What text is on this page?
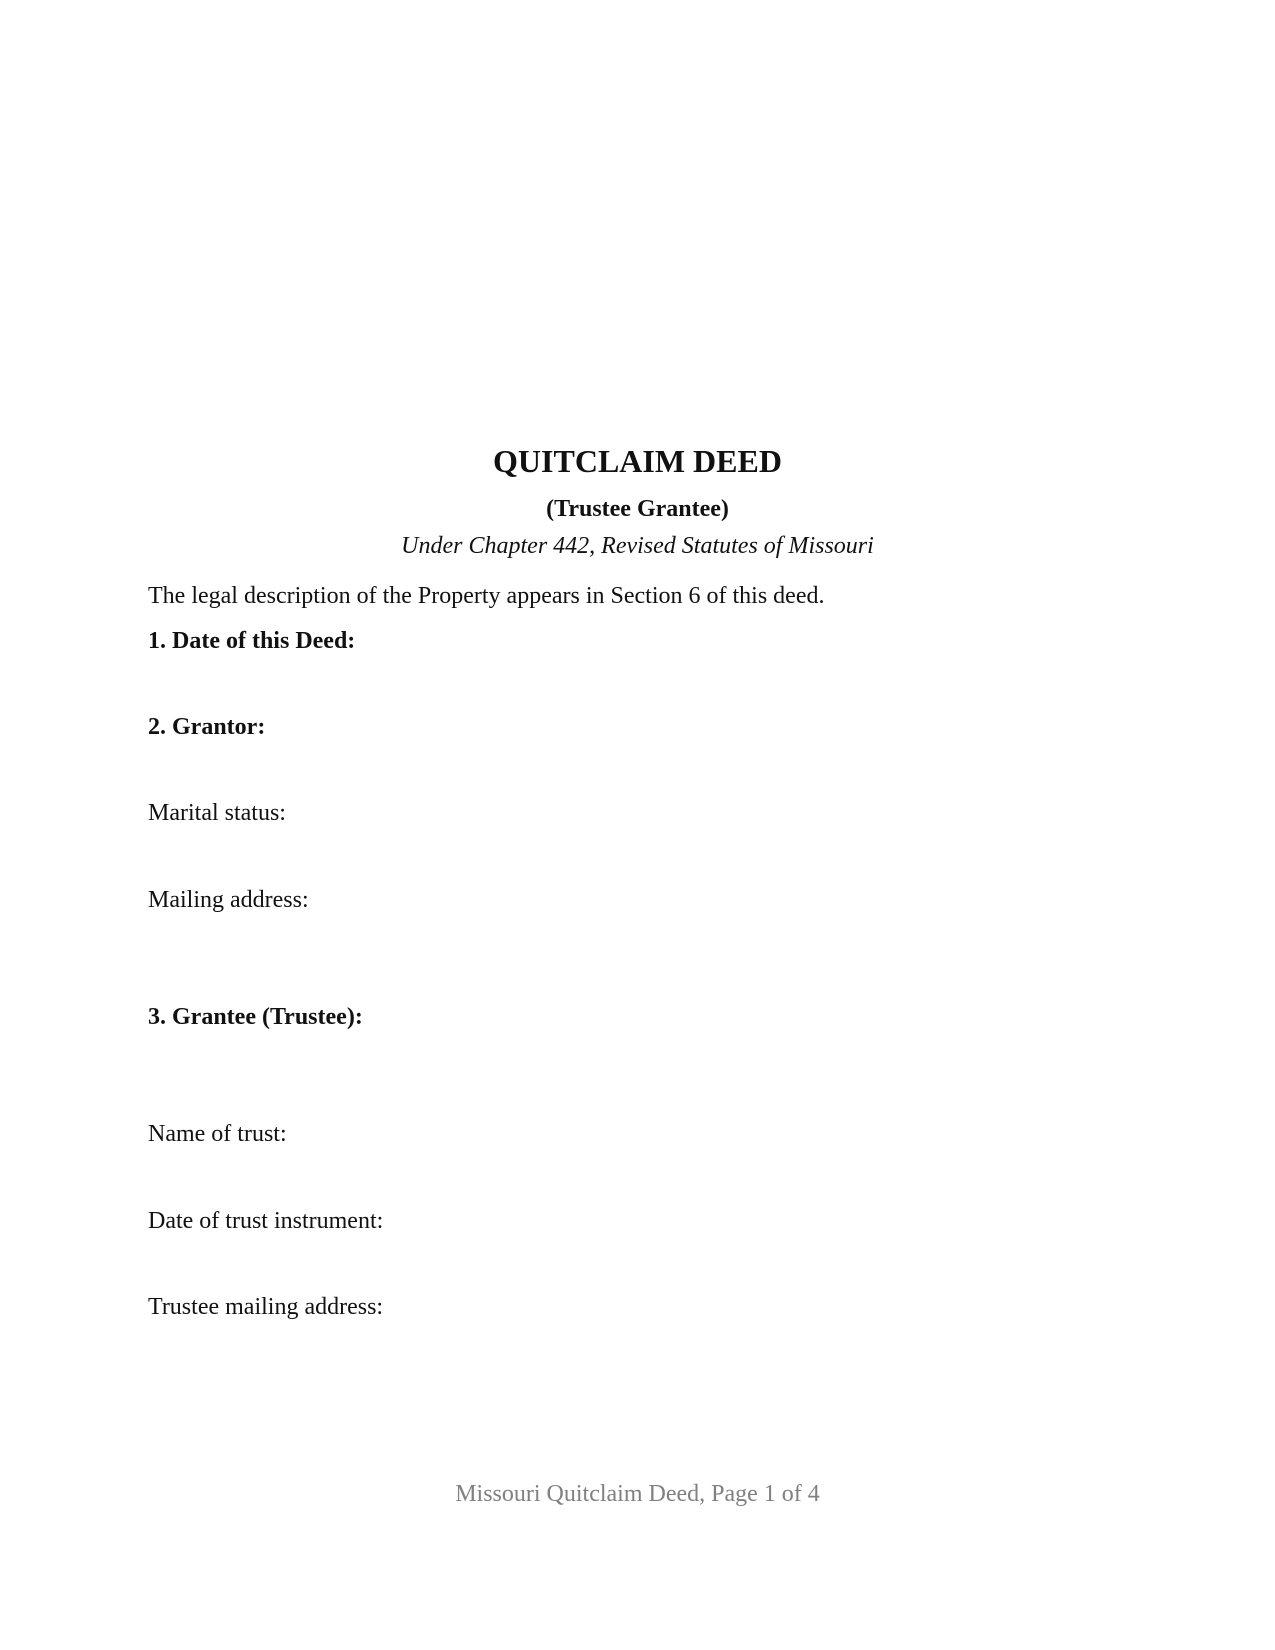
QUITCLAIM DEED
(Trustee Grantee)
Under Chapter 442, Revised Statutes of Missouri
The legal description of the Property appears in Section 6 of this deed.
1. Date of this Deed:
2. Grantor:
Marital status:
Mailing address:
3. Grantee (Trustee):
Name of trust:
Date of trust instrument:
Trustee mailing address:
Missouri Quitclaim Deed, Page 1 of 4
